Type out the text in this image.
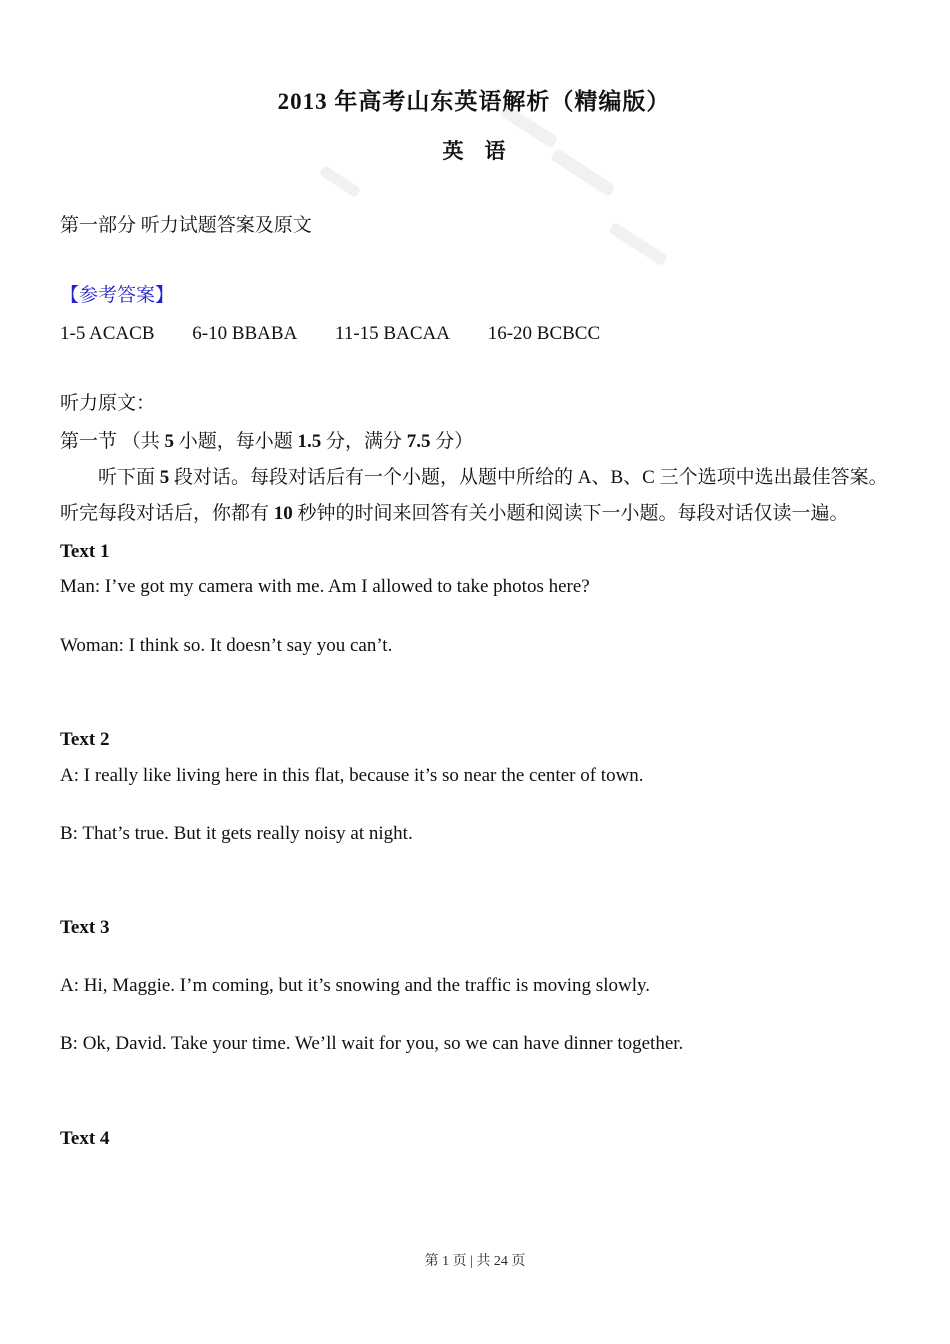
2013 年高考山东英语解析（精编版）
英　语
第一部分 听力试题答案及原文
【参考答案】
1-5 ACACB 6-10 BBABA 11-15 BACAA 16-20 BCBCC
听力原文：
第一节 （共 5 小题，每小题 1.5 分，满分 7.5 分）
听下面 5 段对话。每段对话后有一个小题，从题中所给的 A、B、C 三个选项中选出最佳答案。
听完每段对话后，你都有 10 秒钟的时间来回答有关小题和阅读下一小题。每段对话仅读一遍。
Text 1
Man: I’ve got my camera with me. Am I allowed to take photos here?
Woman: I think so. It doesn’t say you can’t.
Text 2
A: I really like living here in this flat, because it’s so near the center of town.
B: That’s true. But it gets really noisy at night.
Text 3
A: Hi, Maggie. I’m coming, but it’s snowing and the traffic is moving slowly.
B: Ok, David. Take your time. We’ll wait for you, so we can have dinner together.
Text 4
第 1 页 | 共 24 页
